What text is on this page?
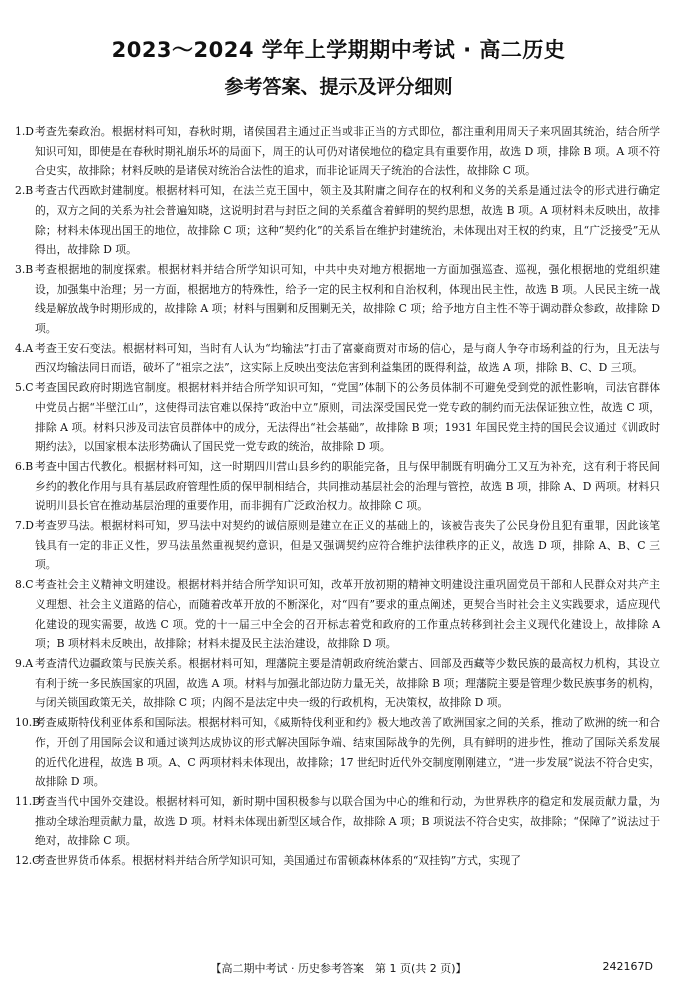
2023～2024 学年上学期期中考试 · 高二历史
参考答案、提示及评分细则

1.D 考查先秦政治。根据材料可知，春秋时期，诸侯国君主通过正当或非正当的方式即位，都注重利用周天子来巩固其统治，结合所学知识可知，即使是在春秋时期礼崩乐坏的局面下，周王的认可仍对诸侯地位的稳定具有重要作用，故选 D 项，排除 B 项。A 项不符合史实，故排除；材料反映的是诸侯对统治合法性的追求，而非论证周天子统治的合法性，故排除 C 项。

2.B 考查古代西欧封建制度。根据材料可知，在法兰克王国中，领主及其附庸之间存在的权利和义务的关系是通过法令的形式进行确定的，双方之间的关系为社会普遍知晓，这说明封君与封臣之间的关系蕴含着鲜明的契约思想，故选 B 项。A 项材料未反映出，故排除；材料未体现出国王的地位，故排除 C 项；这种“契约化”的关系旨在维护封建统治，未体现出对王权的约束，且“广泛接受”无从得出，故排除 D 项。

3.B 考查根据地的制度探索。根据材料并结合所学知识可知，中共中央对地方根据地一方面加强巡查、巡视，强化根据地的党组织建设，加强集中治理；另一方面，根据地方的特殊性，给予一定的民主权利和自治权利，体现出民主性，故选 B 项。人民民主统一战线是解放战争时期形成的，故排除 A 项；材料与围剿和反围剿无关，故排除 C 项；给予地方自主性不等于调动群众参政，故排除 D 项。

4.A 考查王安石变法。根据材料可知，当时有人认为“均输法”打击了富豪商贾对市场的信心，是与商人争夺市场利益的行为，且无法与西汉均输法同日而语，破坏了“祖宗之法”，这实际上反映出变法危害到利益集团的既得利益，故选 A 项，排除 B、C、D 三项。

5.C 考查国民政府时期选官制度。根据材料并结合所学知识可知，“党国”体制下的公务员体制不可避免受到党的派性影响，司法官群体中党员占据“半壁江山”，这使得司法官难以保持“政治中立”原则，司法深受国民党一党专政的制约而无法保证独立性，故选 C 项，排除 A 项。材料只涉及司法官员群体中的成分，无法得出“社会基础”，故排除 B 项；1931 年国民党主持的国民会议通过《训政时期约法》，以国家根本法形势确认了国民党一党专政的统治，故排除 D 项。

6.B 考查中国古代教化。根据材料可知，这一时期四川营山县乡约的职能完备，且与保甲制既有明确分工又互为补充，这有利于将民间乡约的教化作用与具有基层政府管理性质的保甲制相结合，共同推动基层社会的治理与管控，故选 B 项，排除 A、D 两项。材料只说明川县长官在推动基层治理的重要作用，而非拥有广泛政治权力。故排除 C 项。

7.D 考查罗马法。根据材料可知，罗马法中对契约的诚信原则是建立在正义的基础上的，该被告丧失了公民身份且犯有重罪，因此该笔钱具有一定的非正义性，罗马法虽然重视契约意识，但是又强调契约应符合维护法律秩序的正义，故选 D 项，排除 A、B、C 三项。

8.C 考查社会主义精神文明建设。根据材料并结合所学知识可知，改革开放初期的精神文明建设注重巩固党员干部和人民群众对共产主义理想、社会主义道路的信心，而随着改革开放的不断深化，对“四有”要求的重点阐述，更契合当时社会主义实践要求，适应现代化建设的现实需要，故选 C 项。党的十一届三中全会的召开标志着党和政府的工作重点转移到社会主义现代化建设上，故排除 A 项；B 项材料未反映出，故排除；材料未提及民主法治建设，故排除 D 项。

9.A 考查清代边疆政策与民族关系。根据材料可知，理藩院主要是清朝政府统治蒙古、回部及西藏等少数民族的最高权力机构，其设立有利于统一多民族国家的巩固，故选 A 项。材料与加强北部边防力量无关，故排除 B 项；理藩院主要是管理少数民族事务的机构，与闭关锁国政策无关，故排除 C 项；内阁不是法定中央一级的行政机构，无决策权，故排除 D 项。

10.B
考查威斯特伐利亚体系和国际法。根据材料可知，《威斯特伐利亚和约》极大地改善了欧洲国家之间的关系，推动了欧洲的统一和合作，开创了用国际会议和通过谈判达成协议的形式解决国际争端、结束国际战争的先例，具有鲜明的进步性，推动了国际关系发展的近代化进程，故选 B 项。A、C 两项材料未体现出，故排除；17 世纪时近代外交制度刚刚建立，“进一步发展”说法不符合史实，故排除 D 项。

11.D
考查当代中国外交建设。根据材料可知，新时期中国积极参与以联合国为中心的维和行动，为世界秩序的稳定和发展贡献力量，为推动全球治理贡献力量，故选 D 项。材料未体现出新型区域合作，故排除 A 项；B 项说法不符合史实，故排除；“保障了”说法过于绝对，故排除 C 项。

12.C
考查世界货币体系。根据材料并结合所学知识可知，美国通过布雷顿森林体系的“双挂钩”方式，实现了

【高二期中考试 · 历史参考答案　第 1 页(共 2 页)】	242167D
